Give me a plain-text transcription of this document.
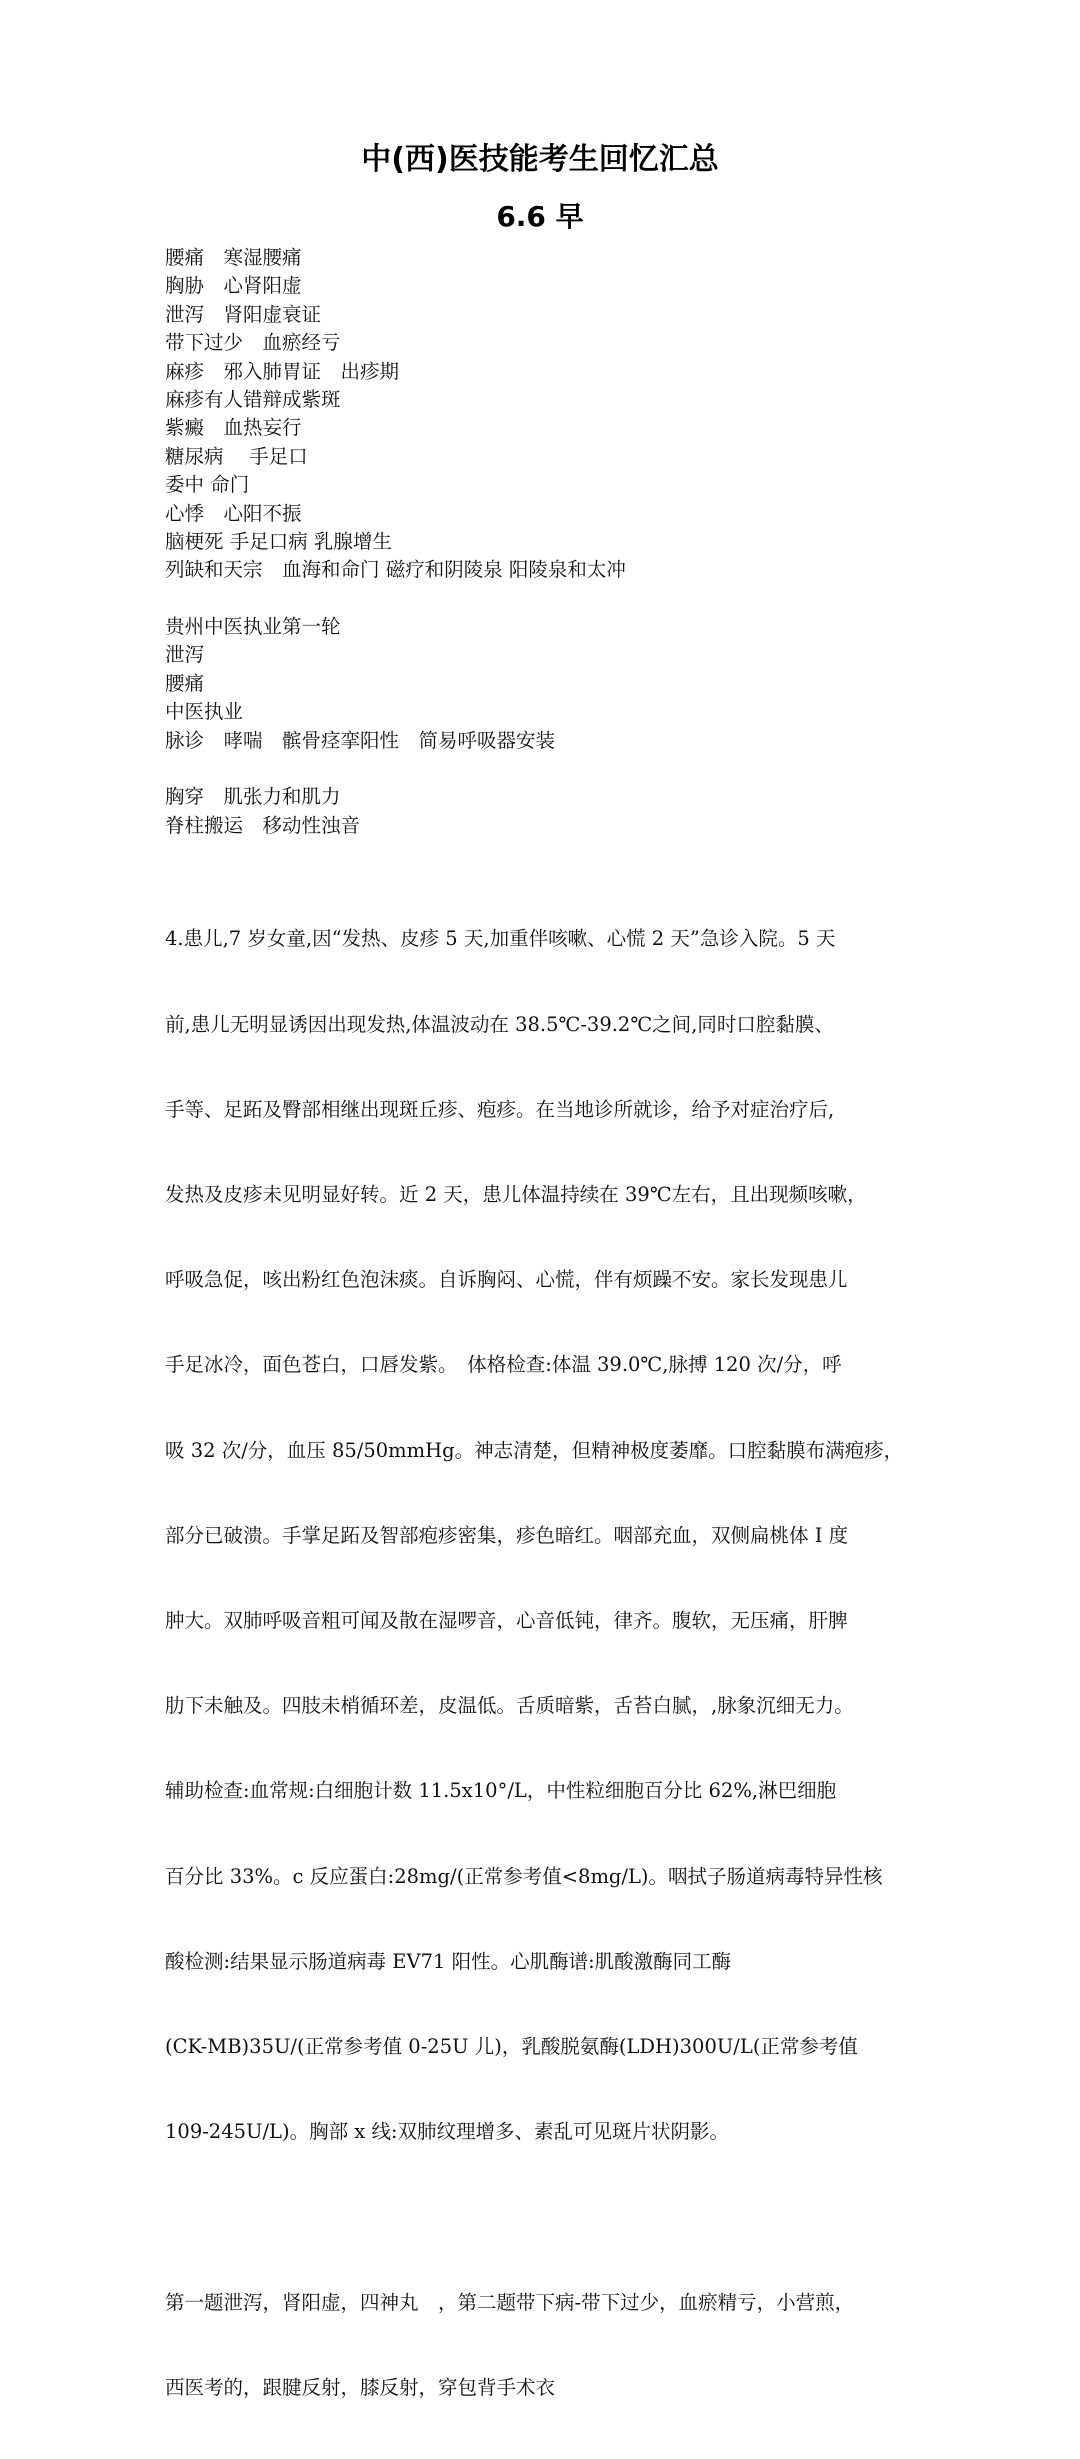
中(西)医技能考生回忆汇总
6.6 早
腰痛　寒湿腰痛
胸胁　心肾阳虚
泄泻　肾阳虚衰证
带下过少　血瘀经亏
麻疹　邪入肺胃证　出疹期
麻疹有人错辩成紫斑
紫癜　血热妄行
糖尿病　 手足口
委中 命门
心悸　心阳不振
脑梗死 手足口病 乳腺增生
列缺和天宗　血海和命门 磁疗和阴陵泉 阳陵泉和太冲
贵州中医执业第一轮
泄泻
腰痛
中医执业
脉诊　哮喘　髌骨痉挛阳性　简易呼吸器安装
胸穿　肌张力和肌力
脊柱搬运　移动性浊音

4.患儿,7 岁女童,因“发热、皮疹 5 天,加重伴咳嗽、心慌 2 天”急诊入院。5 天

前,患儿无明显诱因出现发热,体温波动在 38.5℃-39.2℃之间,同时口腔黏膜、

手等、足跖及臀部相继出现斑丘疹、疱疹。在当地诊所就诊，给予对症治疗后,

发热及皮疹未见明显好转。近 2 天，患儿体温持续在 39℃左右，且出现频咳嗽，

呼吸急促，咳出粉红色泡沫痰。自诉胸闷、心慌，伴有烦躁不安。家长发现患儿

手足冰冷，面色苍白，口唇发紫。　体格检查:体温 39.0℃,脉搏 120 次/分，呼

吸 32 次/分，血压 85/50mmHg。神志清楚，但精神极度萎靡。口腔黏膜布满疱疹，

部分已破溃。手掌足跖及智部疱疹密集，疹色暗红。咽部充血，双侧扁桃体 I 度

肿大。双肺呼吸音粗可闻及散在湿啰音，心音低钝，律齐。腹软，无压痛，肝脾

肋下未触及。四肢未梢循环差，皮温低。舌质暗紫，舌苔白腻，,脉象沉细无力。

辅助检查:血常规:白细胞计数 11.5x10°/L，中性粒细胞百分比 62%,淋巴细胞

百分比 33%。c 反应蛋白:28mg/(正常参考值<8mg/L)。咽拭子肠道病毒特异性核

酸检测:结果显示肠道病毒 EV71 阳性。心肌酶谱:肌酸激酶同工酶

(CK-MB)35U/(正常参考值 0-25U 儿)，乳酸脱氨酶(LDH)300U/L(正常参考值

109-245U/L)。胸部 x 线:双肺纹理增多、素乱可见斑片状阴影。

第一题泄泻，肾阳虚，四神丸　，第二题带下病-带下过少，血瘀精亏，小营煎，

西医考的，跟腱反射，膝反射，穿包背手术衣
